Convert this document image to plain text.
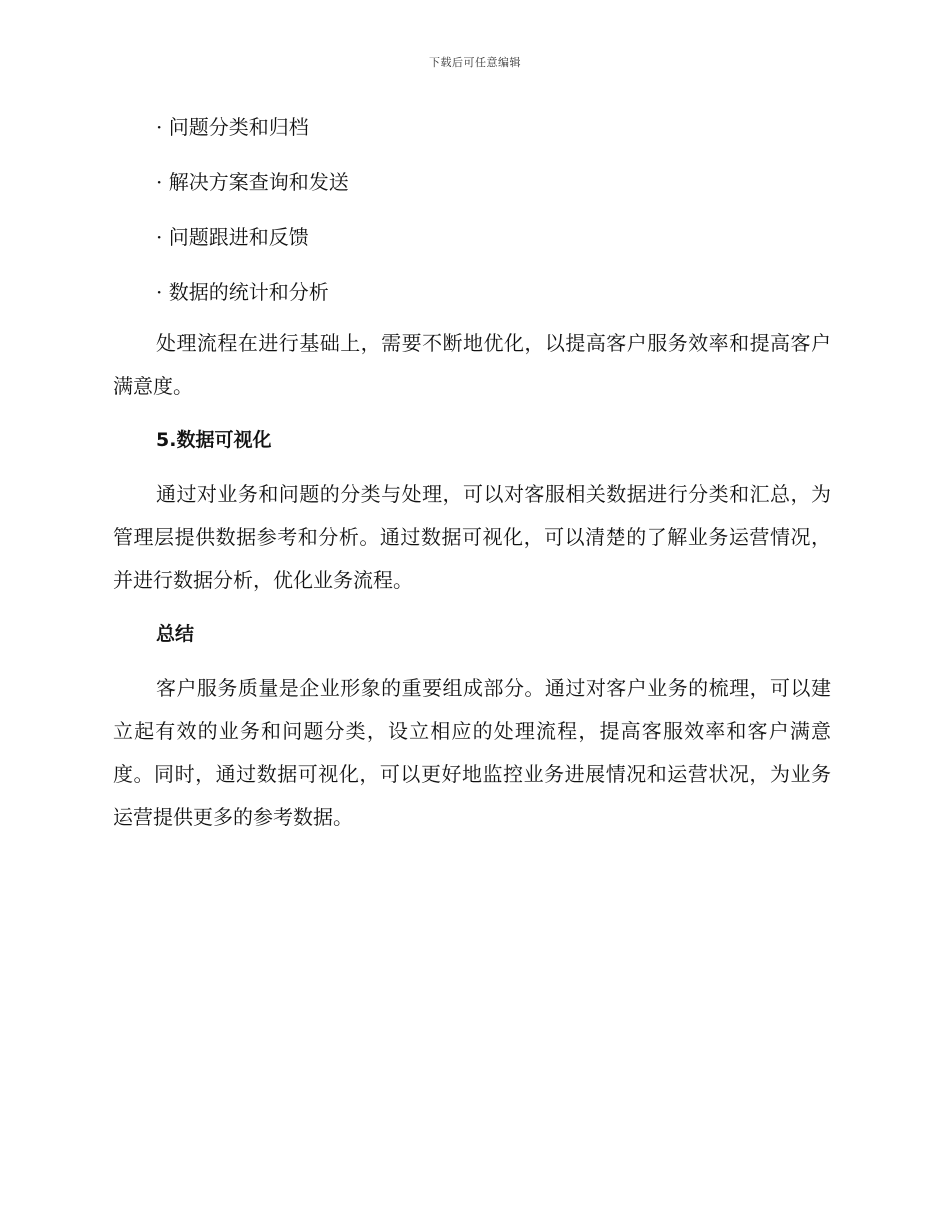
下载后可任意编辑
· 问题分类和归档
· 解决方案查询和发送
· 问题跟进和反馈
· 数据的统计和分析

处理流程在进行基础上，需要不断地优化，以提高客户服务效率和提高客户满意度。

5.数据可视化

通过对业务和问题的分类与处理，可以对客服相关数据进行分类和汇总，为管理层提供数据参考和分析。通过数据可视化，可以清楚的了解业务运营情况，并进行数据分析，优化业务流程。

总结

客户服务质量是企业形象的重要组成部分。通过对客户业务的梳理，可以建立起有效的业务和问题分类，设立相应的处理流程，提高客服效率和客户满意度。同时，通过数据可视化，可以更好地监控业务进展情况和运营状况，为业务运营提供更多的参考数据。
